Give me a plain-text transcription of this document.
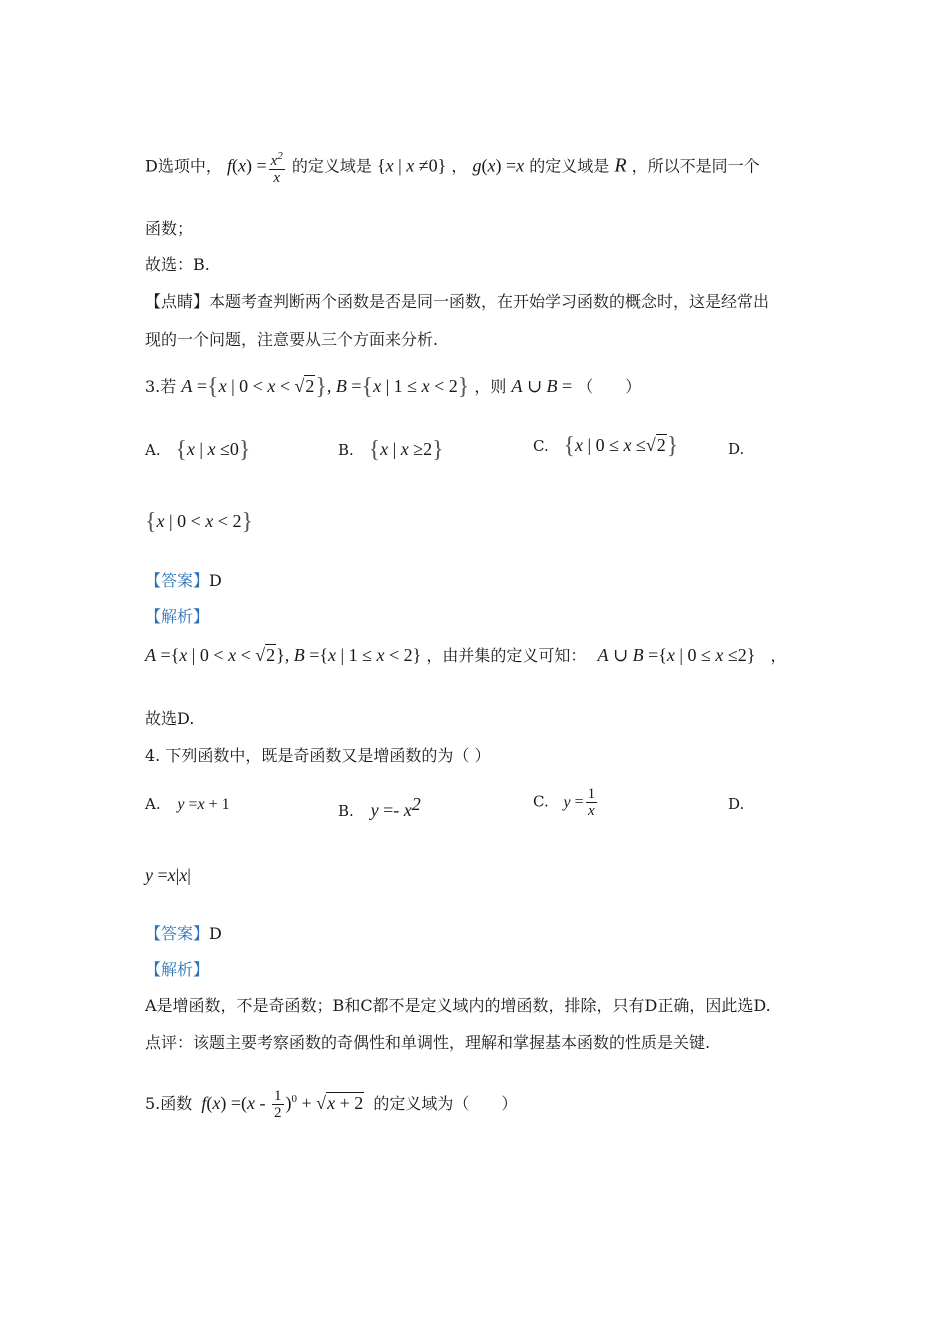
D选项中， $f(x) = \frac{x^2}{x}$ 的定义域是 {x | x ≠0} ， g(x) =x 的定义域是 R ，所以不是同一个
函数；
故选：B.
【点睛】本题考查判断两个函数是否是同一函数，在开始学习函数的概念时，这是经常出
现的一个问题，注意要从三个方面来分析.
3.若 A ={x | 0 < x < √2}, B ={x | 1 ≤ x < 2} ，则 A ∪ B = （　　）
A. {x | x ≤0}	B. {x | x ≥2}	C. {x | 0 ≤ x ≤√2}	D.
{x | 0 < x < 2}
【答案】D
【解析】
A ={x | 0 < x < √2}, B ={x | 1 ≤ x < 2} ，由并集的定义可知： A ∪ B ={x | 0 ≤ x ≤2} ，
故选D.
4. 下列函数中，既是奇函数又是增函数的为（ ）
A. y =x + 1	B. $y =- x^2$	C. $y = \frac{1}{x}$	D.
y =x|x|
【答案】D
【解析】
A是增函数，不是奇函数；B和C都不是定义域内的增函数，排除，只有D正确，因此选D.
点评：该题主要考察函数的奇偶性和单调性，理解和掌握基本函数的性质是关键.
5.函数 $f(x) =(x - \frac{1}{2} )^0 + √x + 2$ 的定义域为（　　）
